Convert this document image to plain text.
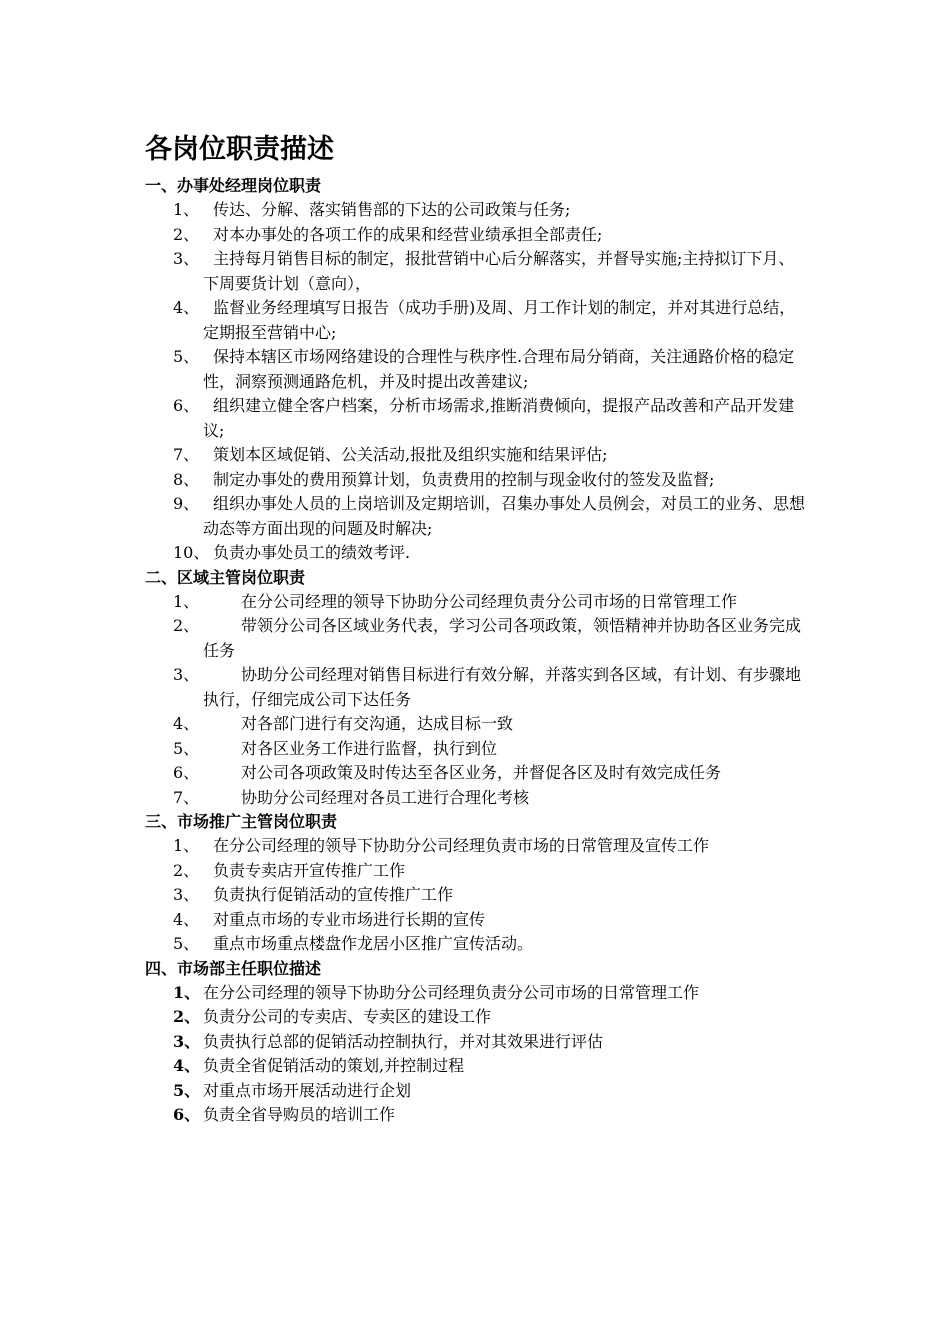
各岗位职责描述
一、办事处经理岗位职责
1、 传达、分解、落实销售部的下达的公司政策与任务;
2、 对本办事处的各项工作的成果和经营业绩承担全部责任;
3、 主持每月销售目标的制定，报批营销中心后分解落实，并督导实施;主持拟订下月、下周要货计划（意向），
4、 监督业务经理填写日报告（成功手册)及周、月工作计划的制定，并对其进行总结，定期报至营销中心;
5、 保持本辖区市场网络建设的合理性与秩序性.合理布局分销商，关注通路价格的稳定性，洞察预测通路危机，并及时提出改善建议;
6、 组织建立健全客户档案，分析市场需求,推断消费倾向，提报产品改善和产品开发建议;
7、 策划本区域促销、公关活动,报批及组织实施和结果评估;
8、 制定办事处的费用预算计划，负责费用的控制与现金收付的签发及监督;
9、 组织办事处人员的上岗培训及定期培训，召集办事处人员例会，对员工的业务、思想动态等方面出现的问题及时解决;
10、 负责办事处员工的绩效考评.
二、区域主管岗位职责
1、	在分公司经理的领导下协助分公司经理负责分公司市场的日常管理工作
2、	带领分公司各区域业务代表，学习公司各项政策，领悟精神并协助各区业务完成任务
3、	协助分公司经理对销售目标进行有效分解，并落实到各区域，有计划、有步骤地执行，仔细完成公司下达任务
4、	对各部门进行有交沟通，达成目标一致
5、	对各区业务工作进行监督，执行到位
6、	对公司各项政策及时传达至各区业务，并督促各区及时有效完成任务
7、	协助分公司经理对各员工进行合理化考核
三、市场推广主管岗位职责
1、 在分公司经理的领导下协助分公司经理负责市场的日常管理及宣传工作
2、 负责专卖店开宣传推广工作
3、 负责执行促销活动的宣传推广工作
4、 对重点市场的专业市场进行长期的宣传
5、 重点市场重点楼盘作龙居小区推广宣传活动。
四、市场部主任职位描述
1、 在分公司经理的领导下协助分公司经理负责分公司市场的日常管理工作
2、 负责分公司的专卖店、专卖区的建设工作
3、 负责执行总部的促销活动控制执行，并对其效果进行评估
4、 负责全省促销活动的策划,并控制过程
5、 对重点市场开展活动进行企划
6、 负责全省导购员的培训工作
